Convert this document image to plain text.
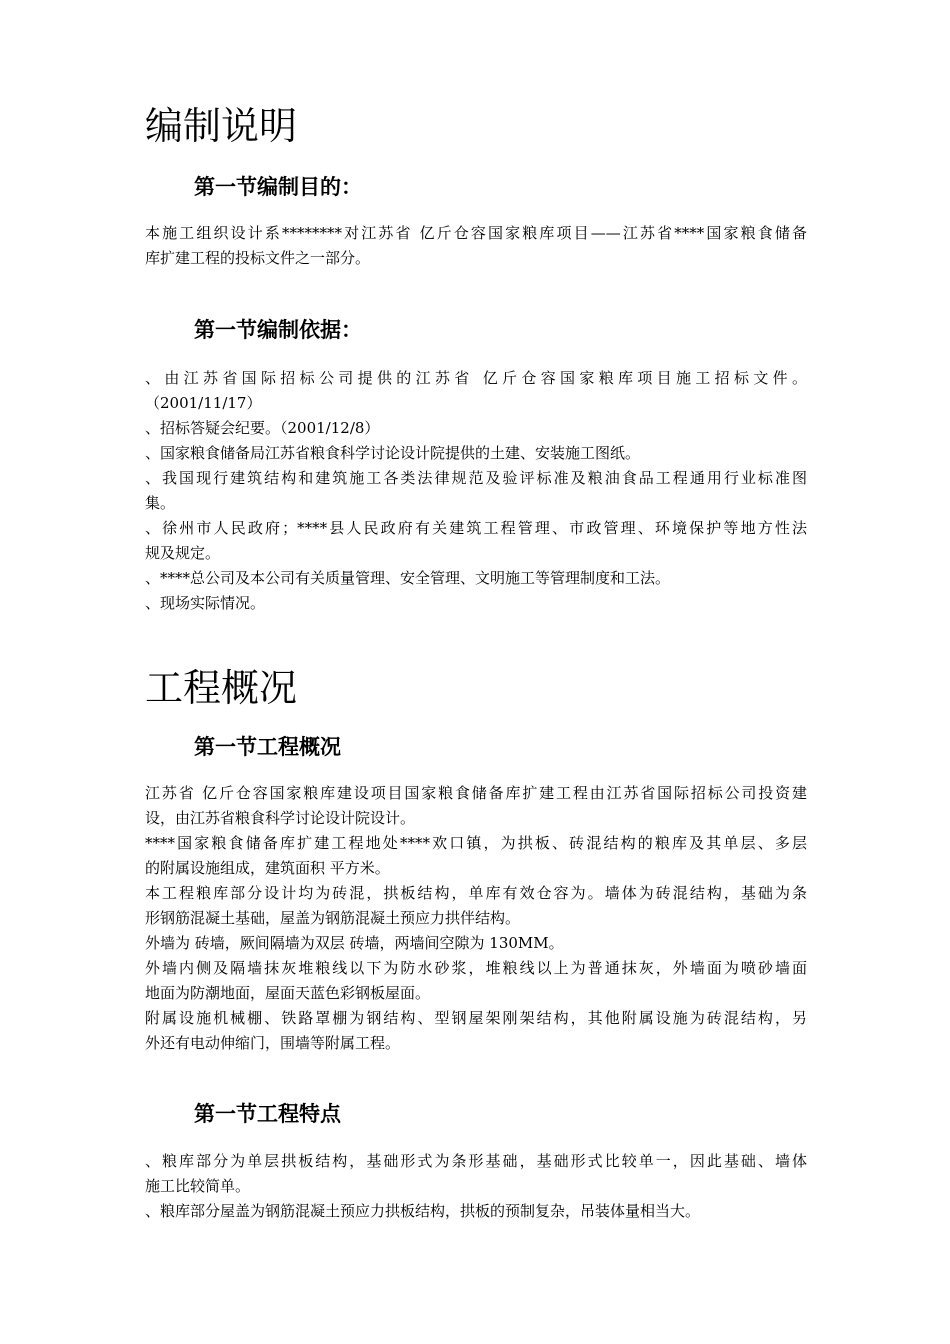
编制说明
第一节编制目的：
本施工组织设计系********对江苏省 亿斤仓容国家粮库项目——江苏省****国家粮食储备
库扩建工程的投标文件之一部分。
第一节编制依据：
、由江苏省国际招标公司提供的江苏省 亿斤仓容国家粮库项目施工招标文件。
（2001/11/17）
、招标答疑会纪要。（2001/12/8）
、国家粮食储备局江苏省粮食科学讨论设计院提供的土建、安装施工图纸。
、我国现行建筑结构和建筑施工各类法律规范及验评标准及粮油食品工程通用行业标准图
集。
、徐州市人民政府；****县人民政府有关建筑工程管理、市政管理、环境保护等地方性法
规及规定。
、****总公司及本公司有关质量管理、安全管理、文明施工等管理制度和工法。
、现场实际情况。
工程概况
第一节工程概况
江苏省 亿斤仓容国家粮库建设项目国家粮食储备库扩建工程由江苏省国际招标公司投资建
设，由江苏省粮食科学讨论设计院设计。
****国家粮食储备库扩建工程地处****欢口镇，为拱板、砖混结构的粮库及其单层、多层
的附属设施组成，建筑面积 平方米。
本工程粮库部分设计均为砖混，拱板结构，单库有效仓容为。墙体为砖混结构，基础为条
形钢筋混凝土基础，屋盖为钢筋混凝土预应力拱伴结构。
外墙为 砖墙，厥间隔墙为双层 砖墙，两墙间空隙为 130MM。
外墙内侧及隔墙抹灰堆粮线以下为防水砂浆，堆粮线以上为普通抹灰，外墙面为喷砂墙面
地面为防潮地面，屋面天蓝色彩钢板屋面。
附属设施机械棚、铁路罩棚为钢结构、型钢屋架刚架结构，其他附属设施为砖混结构，另
外还有电动伸缩门，围墙等附属工程。
第一节工程特点
、粮库部分为单层拱板结构，基础形式为条形基础，基础形式比较单一，因此基础、墙体
施工比较简单。
、粮库部分屋盖为钢筋混凝土预应力拱板结构，拱板的预制复杂，吊装体量相当大。
